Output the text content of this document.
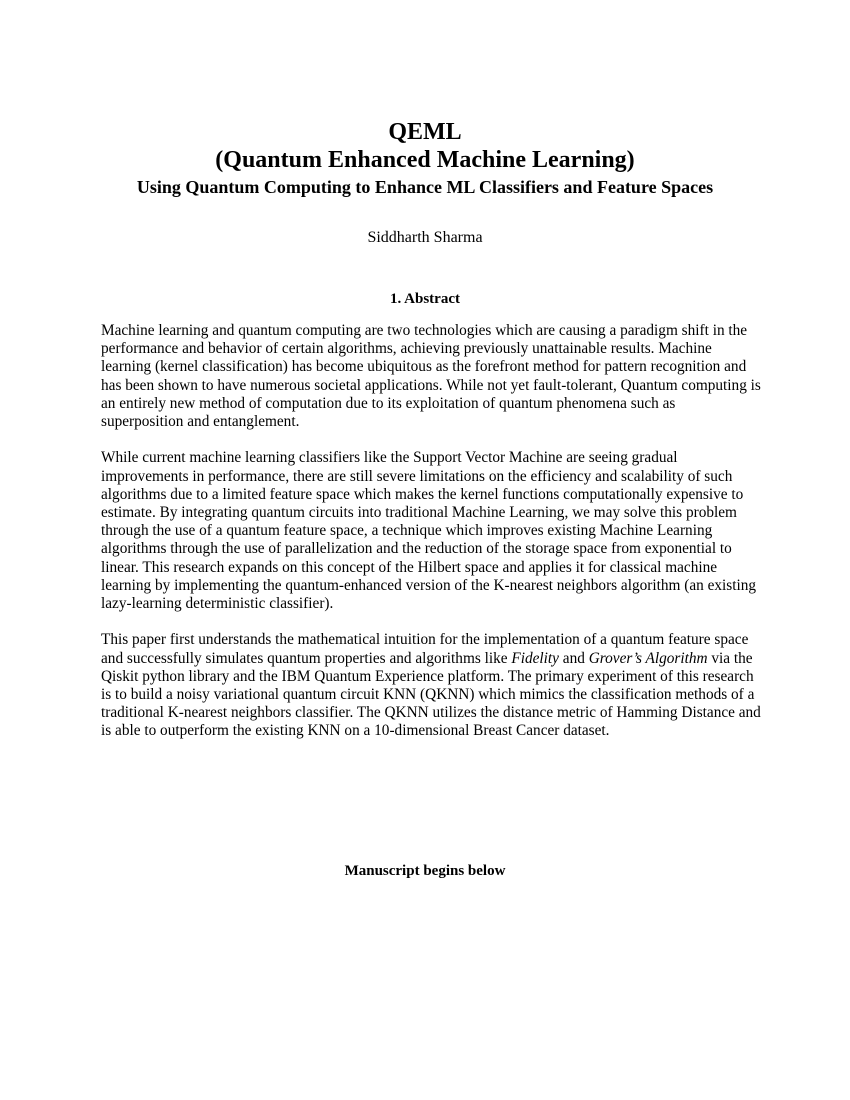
QEML
(Quantum Enhanced Machine Learning)
Using Quantum Computing to Enhance ML Classifiers and Feature Spaces
Siddharth Sharma
1. Abstract

Machine learning and quantum computing are two technologies which are causing a paradigm shift in the performance and behavior of certain algorithms, achieving previously unattainable results. Machine learning (kernel classification) has become ubiquitous as the forefront method for pattern recognition and has been shown to have numerous societal applications. While not yet fault-tolerant, Quantum computing is an entirely new method of computation due to its exploitation of quantum phenomena such as superposition and entanglement.

While current machine learning classifiers like the Support Vector Machine are seeing gradual improvements in performance, there are still severe limitations on the efficiency and scalability of such algorithms due to a limited feature space which makes the kernel functions computationally expensive to estimate. By integrating quantum circuits into traditional Machine Learning, we may solve this problem through the use of a quantum feature space, a technique which improves existing Machine Learning algorithms through the use of parallelization and the reduction of the storage space from exponential to linear. This research expands on this concept of the Hilbert space and applies it for classical machine learning by implementing the quantum-enhanced version of the K-nearest neighbors algorithm (an existing lazy-learning deterministic classifier).

This paper first understands the mathematical intuition for the implementation of a quantum feature space and successfully simulates quantum properties and algorithms like Fidelity and Grover’s Algorithm via the Qiskit python library and the IBM Quantum Experience platform. The primary experiment of this research is to build a noisy variational quantum circuit KNN (QKNN) which mimics the classification methods of a traditional K-nearest neighbors classifier. The QKNN utilizes the distance metric of Hamming Distance and is able to outperform the existing KNN on a 10-dimensional Breast Cancer dataset.

Manuscript begins below
